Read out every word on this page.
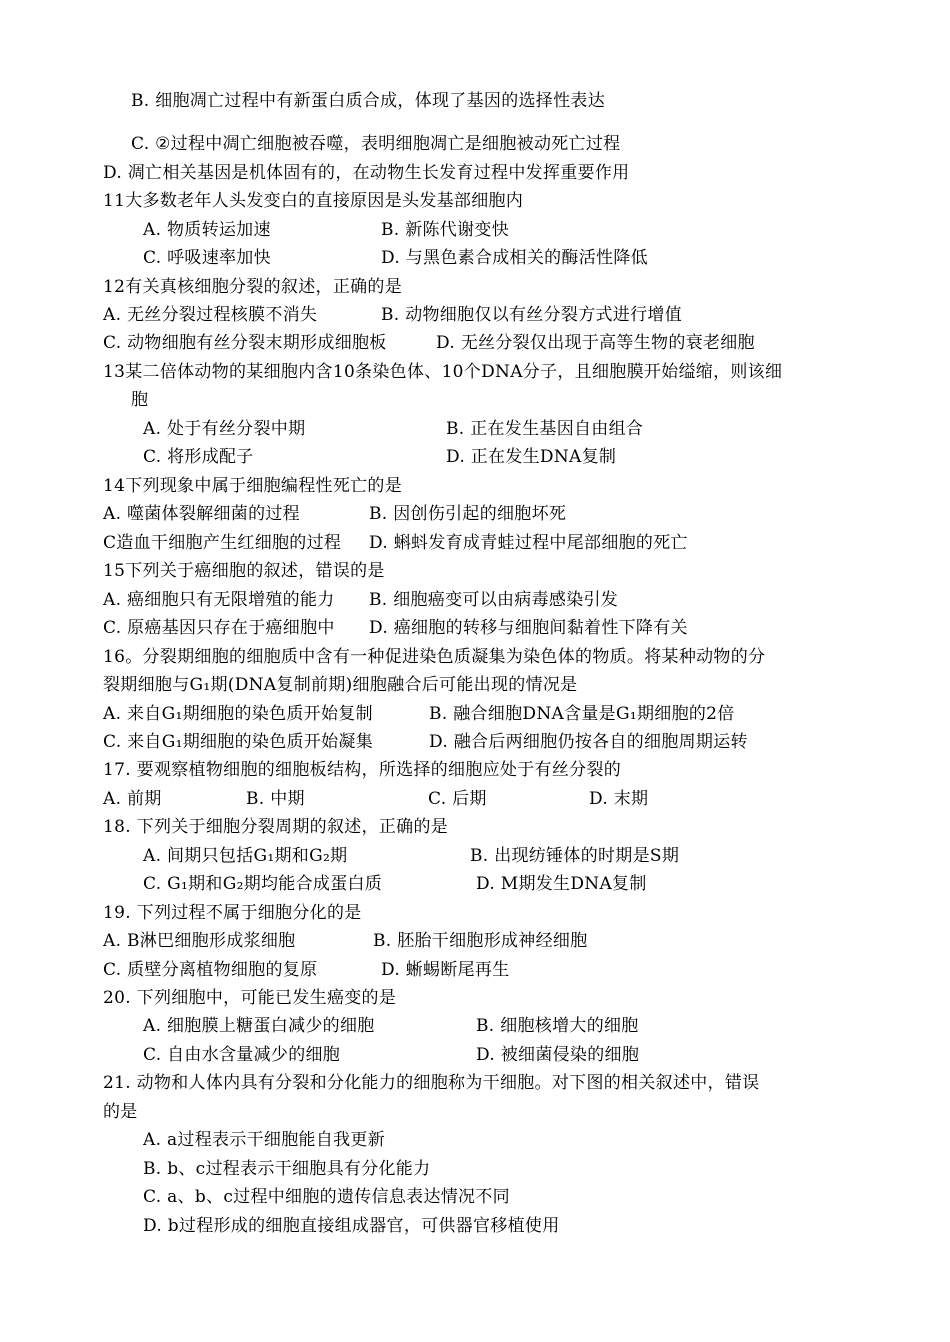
B. 细胞凋亡过程中有新蛋白质合成，体现了基因的选择性表达
C. ②过程中凋亡细胞被吞噬，表明细胞凋亡是细胞被动死亡过程
D. 凋亡相关基因是机体固有的，在动物生长发育过程中发挥重要作用
11大多数老年人头发变白的直接原因是头发基部细胞内
A. 物质转运加速	B. 新陈代谢变快
C. 呼吸速率加快	D. 与黑色素合成相关的酶活性降低
12有关真核细胞分裂的叙述，正确的是
A. 无丝分裂过程核膜不消失	B. 动物细胞仅以有丝分裂方式进行增值
C. 动物细胞有丝分裂末期形成细胞板	D. 无丝分裂仅出现于高等生物的衰老细胞
13某二倍体动物的某细胞内含10条染色体、10个DNA分子，且细胞膜开始缢缩，则该细
胞
A. 处于有丝分裂中期	B. 正在发生基因自由组合
C. 将形成配子	D. 正在发生DNA复制
14下列现象中属于细胞编程性死亡的是
A. 噬菌体裂解细菌的过程	B. 因创伤引起的细胞坏死
C造血干细胞产生红细胞的过程 D. 蝌蚪发育成青蛙过程中尾部细胞的死亡
15下列关于癌细胞的叙述，错误的是
A. 癌细胞只有无限增殖的能力 B. 细胞癌变可以由病毒感染引发
C. 原癌基因只存在于癌细胞中 D. 癌细胞的转移与细胞间黏着性下降有关
16。分裂期细胞的细胞质中含有一种促进染色质凝集为染色体的物质。将某种动物的分
裂期细胞与G₁期(DNA复制前期)细胞融合后可能出现的情况是
A. 来自G₁期细胞的染色质开始复制	B. 融合细胞DNA含量是G₁期细胞的2倍
C. 来自G₁期细胞的染色质开始凝集	D. 融合后两细胞仍按各自的细胞周期运转
17. 要观察植物细胞的细胞板结构，所选择的细胞应处于有丝分裂的
A. 前期	B. 中期	C. 后期	D. 末期
18. 下列关于细胞分裂周期的叙述，正确的是
A. 间期只包括G₁期和G₂期	B. 出现纺锤体的时期是S期
C. G₁期和G₂期均能合成蛋白质	D. M期发生DNA复制
19. 下列过程不属于细胞分化的是
A. B淋巴细胞形成浆细胞	B. 胚胎干细胞形成神经细胞
C. 质壁分离植物细胞的复原	D. 蜥蜴断尾再生
20. 下列细胞中，可能已发生癌变的是
A. 细胞膜上糖蛋白减少的细胞	B. 细胞核增大的细胞
C. 自由水含量减少的细胞	D. 被细菌侵染的细胞
21. 动物和人体内具有分裂和分化能力的细胞称为干细胞。对下图的相关叙述中，错误
的是
A. a过程表示干细胞能自我更新
B. b、c过程表示干细胞具有分化能力
C. a、b、c过程中细胞的遗传信息表达情况不同
D. b过程形成的细胞直接组成器官，可供器官移植使用
